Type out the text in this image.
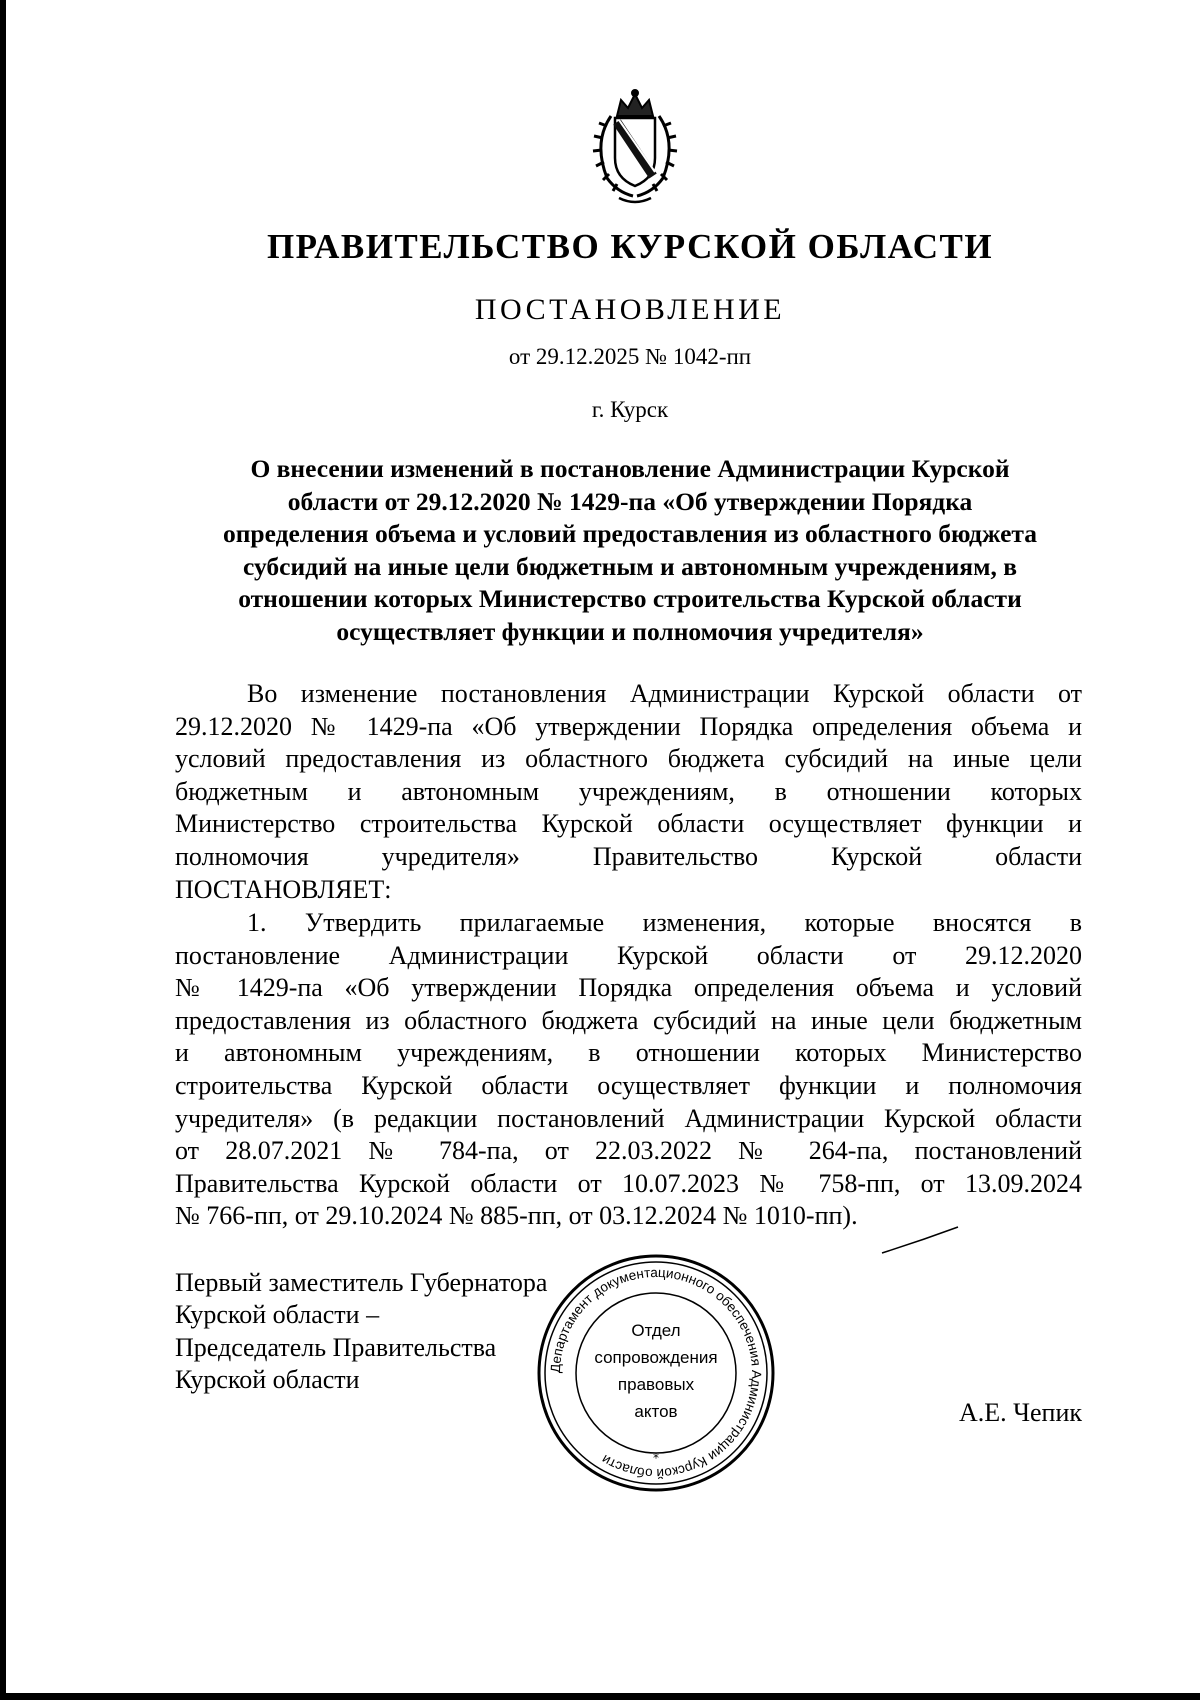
ПРАВИТЕЛЬСТВО КУРСКОЙ ОБЛАСТИ
ПОСТАНОВЛЕНИЕ
от 29.12.2025 № 1042-пп
г. Курск
О внесении изменений в постановление Администрации Курской
области от 29.12.2020 № 1429-па «Об утверждении Порядка
определения объема и условий предоставления из областного бюджета
субсидий на иные цели бюджетным и автономным учреждениям, в
отношении которых Министерство строительства Курской области
осуществляет функции и полномочия учредителя»
Во изменение постановления Администрации Курской области от
29.12.2020 № 1429-па «Об утверждении Порядка определения объема и
условий предоставления из областного бюджета субсидий на иные цели
бюджетным и автономным учреждениям, в отношении которых
Министерство строительства Курской области осуществляет функции и
полномочия учредителя» Правительство Курской области
ПОСТАНОВЛЯЕТ:
1. Утвердить прилагаемые изменения, которые вносятся в
постановление Администрации Курской области от 29.12.2020
№ 1429-па «Об утверждении Порядка определения объема и условий
предоставления из областного бюджета субсидий на иные цели бюджетным
и автономным учреждениям, в отношении которых Министерство
строительства Курской области осуществляет функции и полномочия
учредителя» (в редакции постановлений Администрации Курской области
от 28.07.2021 № 784-па, от 22.03.2022 № 264-па, постановлений
Правительства Курской области от 10.07.2023 № 758-пп, от 13.09.2024
№ 766-пп, от 29.10.2024 № 885-пп, от 03.12.2024 № 1010-пп).
Первый заместитель Губернатора
Курской области –
Председатель Правительства
Курской области
А.Е. Чепик
Департамент документационного обеспечения Администрации Курской области	*
Отдел
сопровождения
правовых
актов
